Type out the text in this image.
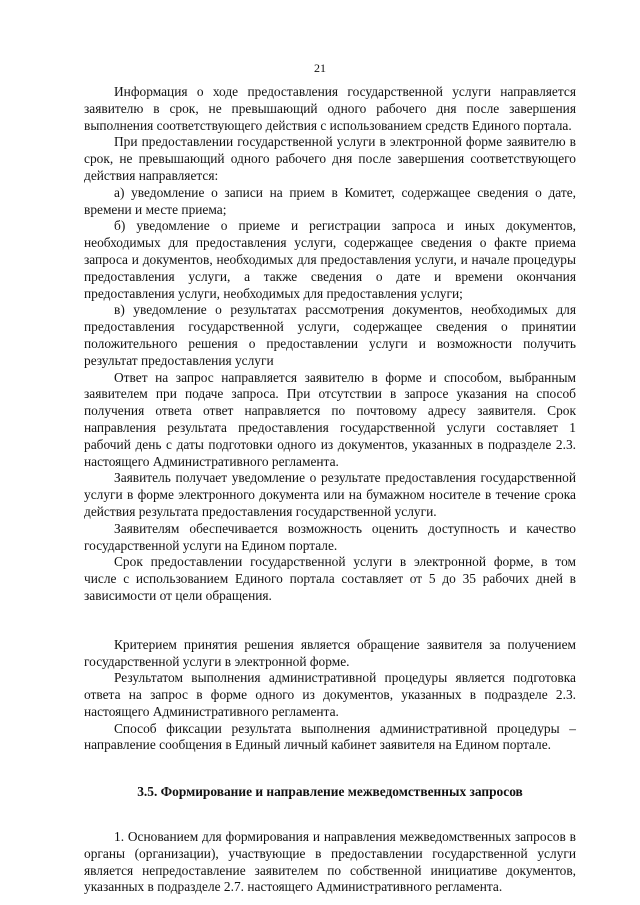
21

Информация о ходе предоставления государственной услуги направляется заявителю в срок, не превышающий одного рабочего дня после завершения выполнения соответствующего действия с использованием средств Единого портала.

При предоставлении государственной услуги в электронной форме заявителю в срок, не превышающий одного рабочего дня после завершения соответствующего действия направляется:

а) уведомление о записи на прием в Комитет, содержащее сведения о дате, времени и месте приема;

б) уведомление о приеме и регистрации запроса и иных документов, необходимых для предоставления услуги, содержащее сведения о факте приема запроса и документов, необходимых для предоставления услуги, и начале процедуры предоставления услуги, а также сведения о дате и времени окончания предоставления услуги, необходимых для предоставления услуги;

в) уведомление о результатах рассмотрения документов, необходимых для предоставления государственной услуги, содержащее сведения о принятии положительного решения о предоставлении услуги и возможности получить результат предоставления услуги

Ответ на запрос направляется заявителю в форме и способом, выбранным заявителем при подаче запроса. При отсутствии в запросе указания на способ получения ответа ответ направляется по почтовому адресу заявителя. Срок направления результата предоставления государственной услуги составляет 1 рабочий день с даты подготовки одного из документов, указанных в подразделе 2.3. настоящего Административного регламента.

Заявитель получает уведомление о результате предоставления государственной услуги в форме электронного документа или на бумажном носителе в течение срока действия результата предоставления государственной услуги.

Заявителям обеспечивается возможность оценить доступность и качество государственной услуги на Едином портале.

Срок предоставлении государственной услуги в электронной форме, в том числе с использованием Единого портала составляет от 5 до 35 рабочих дней в зависимости от цели обращения.

Критерием принятия решения является обращение заявителя за получением государственной услуги в электронной форме.

Результатом выполнения административной процедуры является подготовка ответа на запрос в форме одного из документов, указанных в подразделе 2.3. настоящего Административного регламента.

Способ фиксации результата выполнения административной процедуры – направление сообщения в Единый личный кабинет заявителя на Едином портале.

3.5. Формирование и направление межведомственных запросов

1. Основанием для формирования и направления межведомственных запросов в органы (организации), участвующие в предоставлении государственной услуги является непредоставление заявителем по собственной инициативе документов, указанных в подразделе 2.7. настоящего Административного регламента.
